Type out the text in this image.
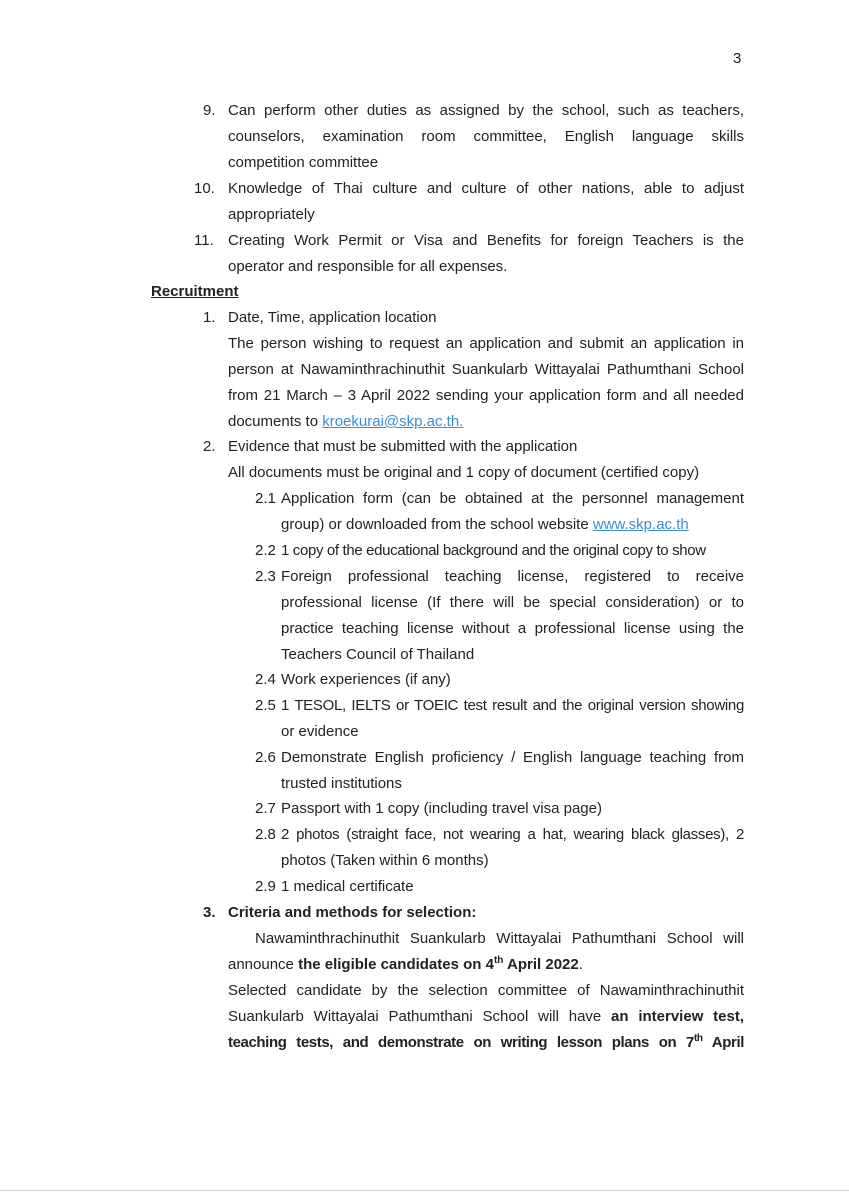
3
9. Can perform other duties as assigned by the school, such as teachers,
counselors, examination room committee, English language skills
competition committee
10. Knowledge of Thai culture and culture of other nations, able to adjust
appropriately
11. Creating Work Permit or Visa and Benefits for foreign Teachers is the
operator and responsible for all expenses.
Recruitment
1. Date, Time, application location
The person wishing to request an application and submit an application in
person at Nawaminthrachinuthit Suankularb Wittayalai Pathumthani School
from 21 March – 3 April 2022 sending your application form and all needed
documents to kroekurai@skp.ac.th.
2. Evidence that must be submitted with the application
All documents must be original and 1 copy of document (certified copy)
2.1 Application form (can be obtained at the personnel management
group) or downloaded from the school website www.skp.ac.th
2.2 1 copy of the educational background and the original copy to show
2.3 Foreign professional teaching license, registered to receive
professional license (If there will be special consideration) or to
practice teaching license without a professional license using the
Teachers Council of Thailand
2.4 Work experiences (if any)
2.5 1 TESOL, IELTS or TOEIC test result and the original version showing
or evidence
2.6 Demonstrate English proficiency / English language teaching from
trusted institutions
2.7 Passport with 1 copy (including travel visa page)
2.8 2 photos (straight face, not wearing a hat, wearing black glasses), 2
photos (Taken within 6 months)
2.9 1 medical certificate
3. Criteria and methods for selection:
Nawaminthrachinuthit Suankularb Wittayalai Pathumthani School will
announce the eligible candidates on 4th April 2022.
Selected candidate by the selection committee of Nawaminthrachinuthit
Suankularb Wittayalai Pathumthani School will have an interview test,
teaching tests, and demonstrate on writing lesson plans on 7th April
